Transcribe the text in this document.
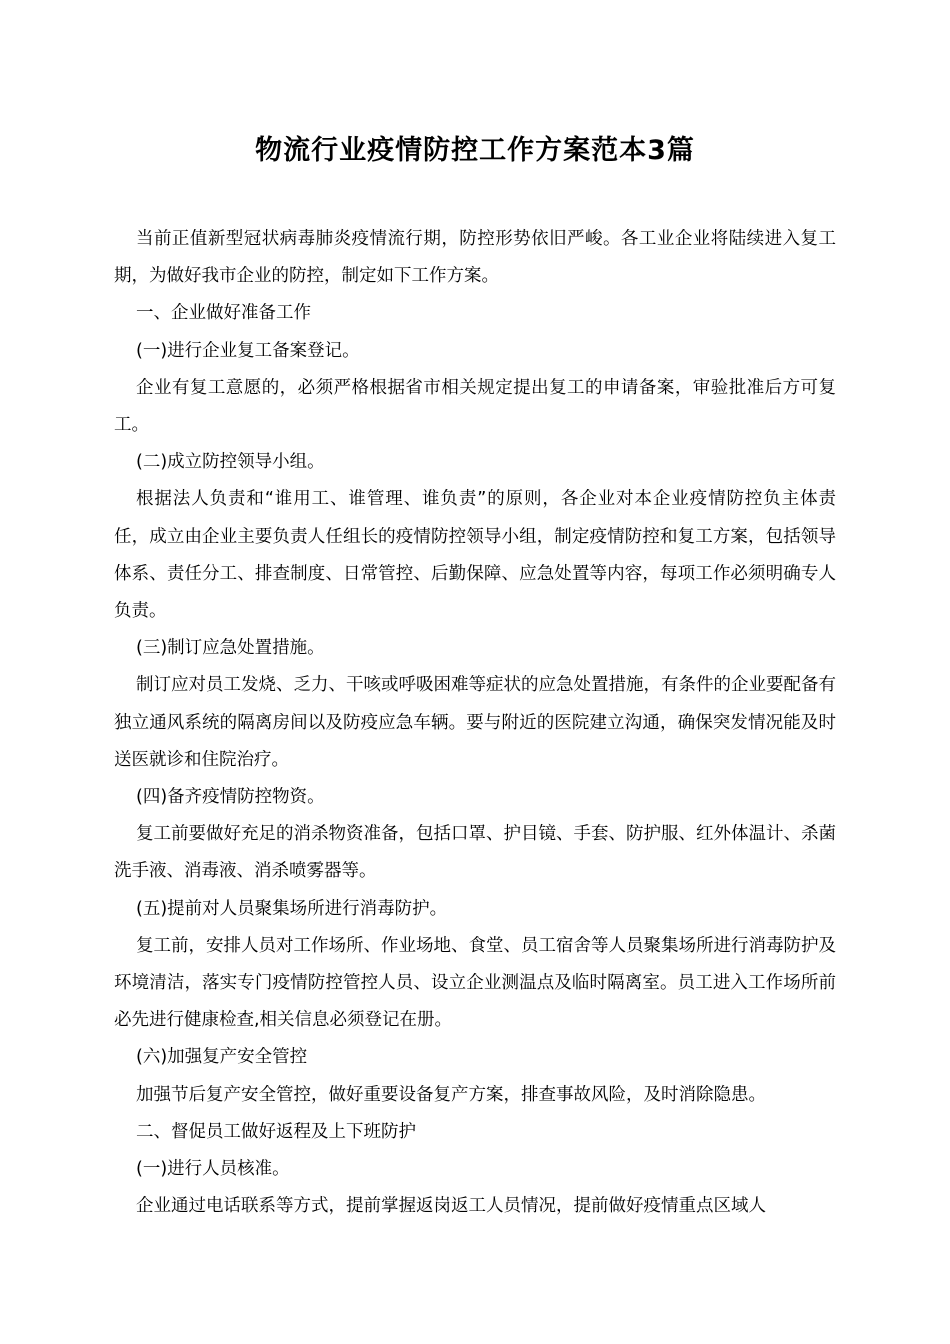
物流行业疫情防控工作方案范本3篇

当前正值新型冠状病毒肺炎疫情流行期，防控形势依旧严峻。各工业企业将陆续进入复工期，为做好我市企业的防控，制定如下工作方案。

一、企业做好准备工作

(一)进行企业复工备案登记。

企业有复工意愿的，必须严格根据省市相关规定提出复工的申请备案，审验批准后方可复工。

(二)成立防控领导小组。

根据法人负责和“谁用工、谁管理、谁负责”的原则，各企业对本企业疫情防控负主体责任，成立由企业主要负责人任组长的疫情防控领导小组，制定疫情防控和复工方案，包括领导体系、责任分工、排查制度、日常管控、后勤保障、应急处置等内容，每项工作必须明确专人负责。

(三)制订应急处置措施。

制订应对员工发烧、乏力、干咳或呼吸困难等症状的应急处置措施，有条件的企业要配备有独立通风系统的隔离房间以及防疫应急车辆。要与附近的医院建立沟通，确保突发情况能及时送医就诊和住院治疗。

(四)备齐疫情防控物资。

复工前要做好充足的消杀物资准备，包括口罩、护目镜、手套、防护服、红外体温计、杀菌洗手液、消毒液、消杀喷雾器等。

(五)提前对人员聚集场所进行消毒防护。

复工前，安排人员对工作场所、作业场地、食堂、员工宿舍等人员聚集场所进行消毒防护及环境清洁，落实专门疫情防控管控人员、设立企业测温点及临时隔离室。员工进入工作场所前必先进行健康检查,相关信息必须登记在册。

(六)加强复产安全管控

加强节后复产安全管控，做好重要设备复产方案，排查事故风险，及时消除隐患。

二、督促员工做好返程及上下班防护

(一)进行人员核准。

企业通过电话联系等方式，提前掌握返岗返工人员情况，提前做好疫情重点区域人
